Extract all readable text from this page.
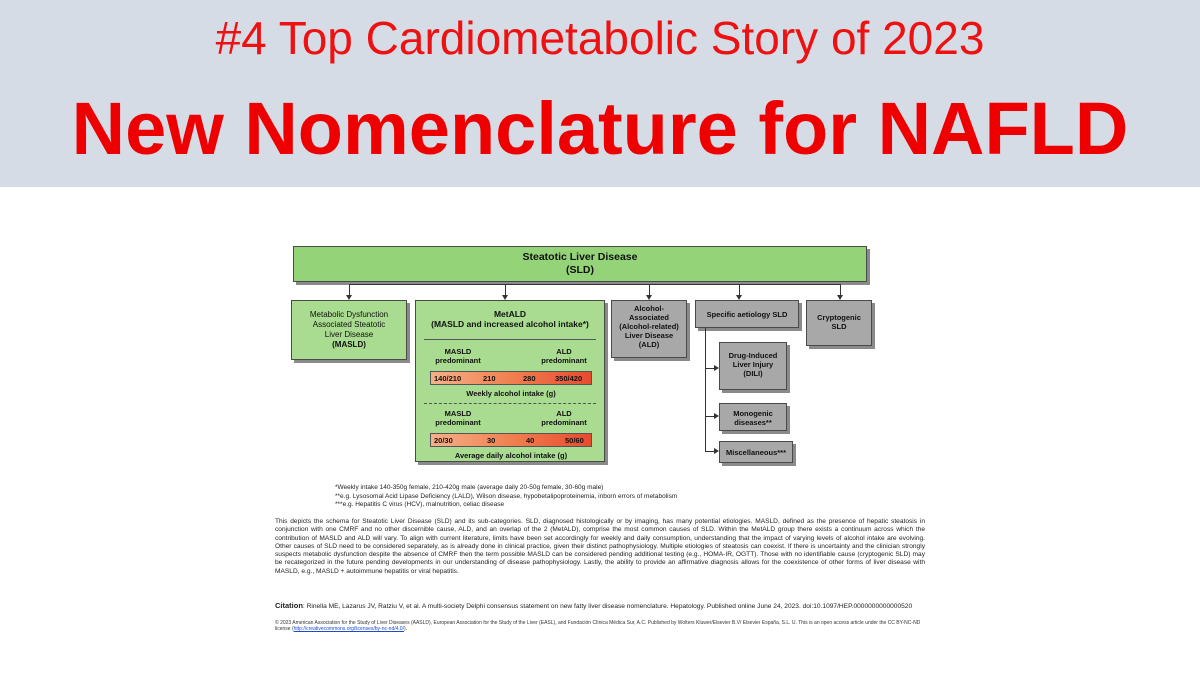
#4 Top Cardiometabolic Story of 2023
New Nomenclature for NAFLD
Steatotic Liver Disease
(SLD)
Metabolic Dysfunction
Associated Steatotic
Liver Disease
(MASLD)
MetALD
(MASLD and increased alcohol intake*)
MASLD
predominant
ALD
predominant
140/210	210	280	350/420
Weekly alcohol intake (g)
MASLD
predominant
ALD
predominant
20/30	30	40	50/60
Average daily alcohol intake (g)
Alcohol-
Associated
(Alcohol-related)
Liver Disease
(ALD)
Specific aetiology SLD	Cryptogenic
SLD
Drug-Induced
Liver Injury
(DILI)
Monogenic
diseases**
Miscellaneous***
*Weekly intake 140-350g female, 210-420g male (average daily 20-50g female, 30-60g male)
**e.g. Lysosomal Acid Lipase Deficiency (LALD), Wilson disease, hypobetalipoproteinemia, inborn errors of metabolism
***e.g. Hepatitis C virus (HCV), malnutrition, celiac disease
This depicts the schema for Steatotic Liver Disease (SLD) and its sub-categories. SLD, diagnosed histologically or by imaging, has many potential etiologies. MASLD, defined as the presence of hepatic steatosis in conjunction with one CMRF and no other discernible cause, ALD, and an overlap of the 2 (MetALD), comprise the most common causes of SLD. Within the MetALD group there exists a continuum across which the contribution of MASLD and ALD will vary. To align with current literature, limits have been set accordingly for weekly and daily consumption, understanding that the impact of varying levels of alcohol intake are evolving. Other causes of SLD need to be considered separately, as is already done in clinical practice, given their distinct pathophysiology. Multiple etiologies of steatosis can coexist. If there is uncertainty and the clinician strongly suspects metabolic dysfunction despite the absence of CMRF then the term possible MASLD can be considered pending additional testing (e.g., HOMA-IR, OGTT). Those with no identifiable cause (cryptogenic SLD) may be recategorized in the future pending developments in our understanding of disease pathophysiology. Lastly, the ability to provide an affirmative diagnosis allows for the coexistence of other forms of liver disease with MASLD, e.g., MASLD + autoimmune hepatitis or viral hepatitis.
Citation: Rinella ME, Lazarus JV, Ratziu V, et al. A multi-society Delphi consensus statement on new fatty liver disease nomenclature. Hepatology. Published online June 24, 2023. doi:10.1097/HEP.0000000000000520
© 2023 American Association for the Study of Liver Diseases (AASLD), European Association for the Study of the Liver (EASL), and Fundación Clínica Médica Sur, A.C. Published by Wolters Kluwer/Elsevier B.V/ Elsevier España, S.L. U. This is an open access article under the CC BY-NC-ND license (http://creativecommons.org/licenses/by-nc-nd/4.0/).
